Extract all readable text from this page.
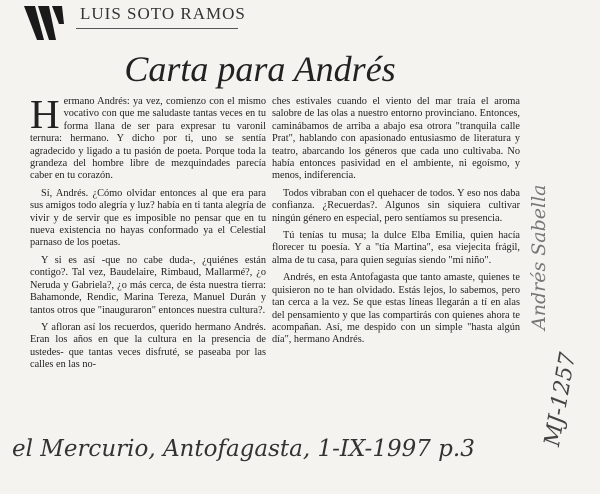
LUIS SOTO RAMOS
Carta para Andrés

Hermano Andrés: ya vez, comienzo con el mismo vocativo con que me saludaste tantas veces en tu forma llana de ser para expresar tu varonil ternura: hermano. Y dicho por ti, uno se sentía agradecido y ligado a tu pasión de poeta. Porque toda la grandeza del hombre libre de mezquindades parecía caber en tu corazón.

Sí, Andrés. ¿Cómo olvidar entonces al que era para sus amigos todo alegría y luz? había en ti tanta alegría de vivir y de servir que es imposible no pensar que en tu nueva existencia no hayas conformado ya el Celestial parnaso de los poetas.

Y si es así -que no cabe duda-, ¿quiénes están contigo?. Tal vez, Baudelaire, Rimbaud, Mallarmé?, ¿o Neruda y Gabriela?, ¿o más cerca, de ésta nuestra tierra: Bahamonde, Rendic, Marina Tereza, Manuel Durán y tantos otros que "inauguraron" entonces nuestra cultura?.

Y afloran así los recuerdos, querido hermano Andrés. Eran los años en que la cultura en la presencia de ustedes- que tantas veces disfruté, se paseaba por las calles en las no-

ches estivales cuando el viento del mar traía el aroma salobre de las olas a nuestro entorno provinciano. Entonces, caminábamos de arriba a abajo esa otrora "tranquila calle Prat", hablando con apasionado entusiasmo de literatura y teatro, abarcando los géneros que cada uno cultivaba. No había entonces pasividad en el ambiente, ni egoísmo, y menos, indiferencia.

Todos vibraban con el quehacer de todos. Y eso nos daba confianza. ¿Recuerdas?. Algunos sin siquiera cultivar ningún género en especial, pero sentíamos su presencia.

Tú tenías tu musa; la dulce Elba Emilia, quien hacía florecer tu poesía. Y a "tía Martina", esa viejecita frágil, alma de tu casa, para quien seguías siendo "mi niño".

Andrés, en esta Antofagasta que tanto amaste, quienes te quisieron no te han olvidado. Estás lejos, lo sabemos, pero tan cerca a la vez. Se que estas líneas llegarán a tí en alas del pensamiento y que las compartirás con quienes ahora te acompañan. Así, me despido con un simple "hasta algún día", hermano Andrés.

el Mercurio, Antofagasta, 1-IX-1997 p.3
Andrés Sabella
MJ-1257
